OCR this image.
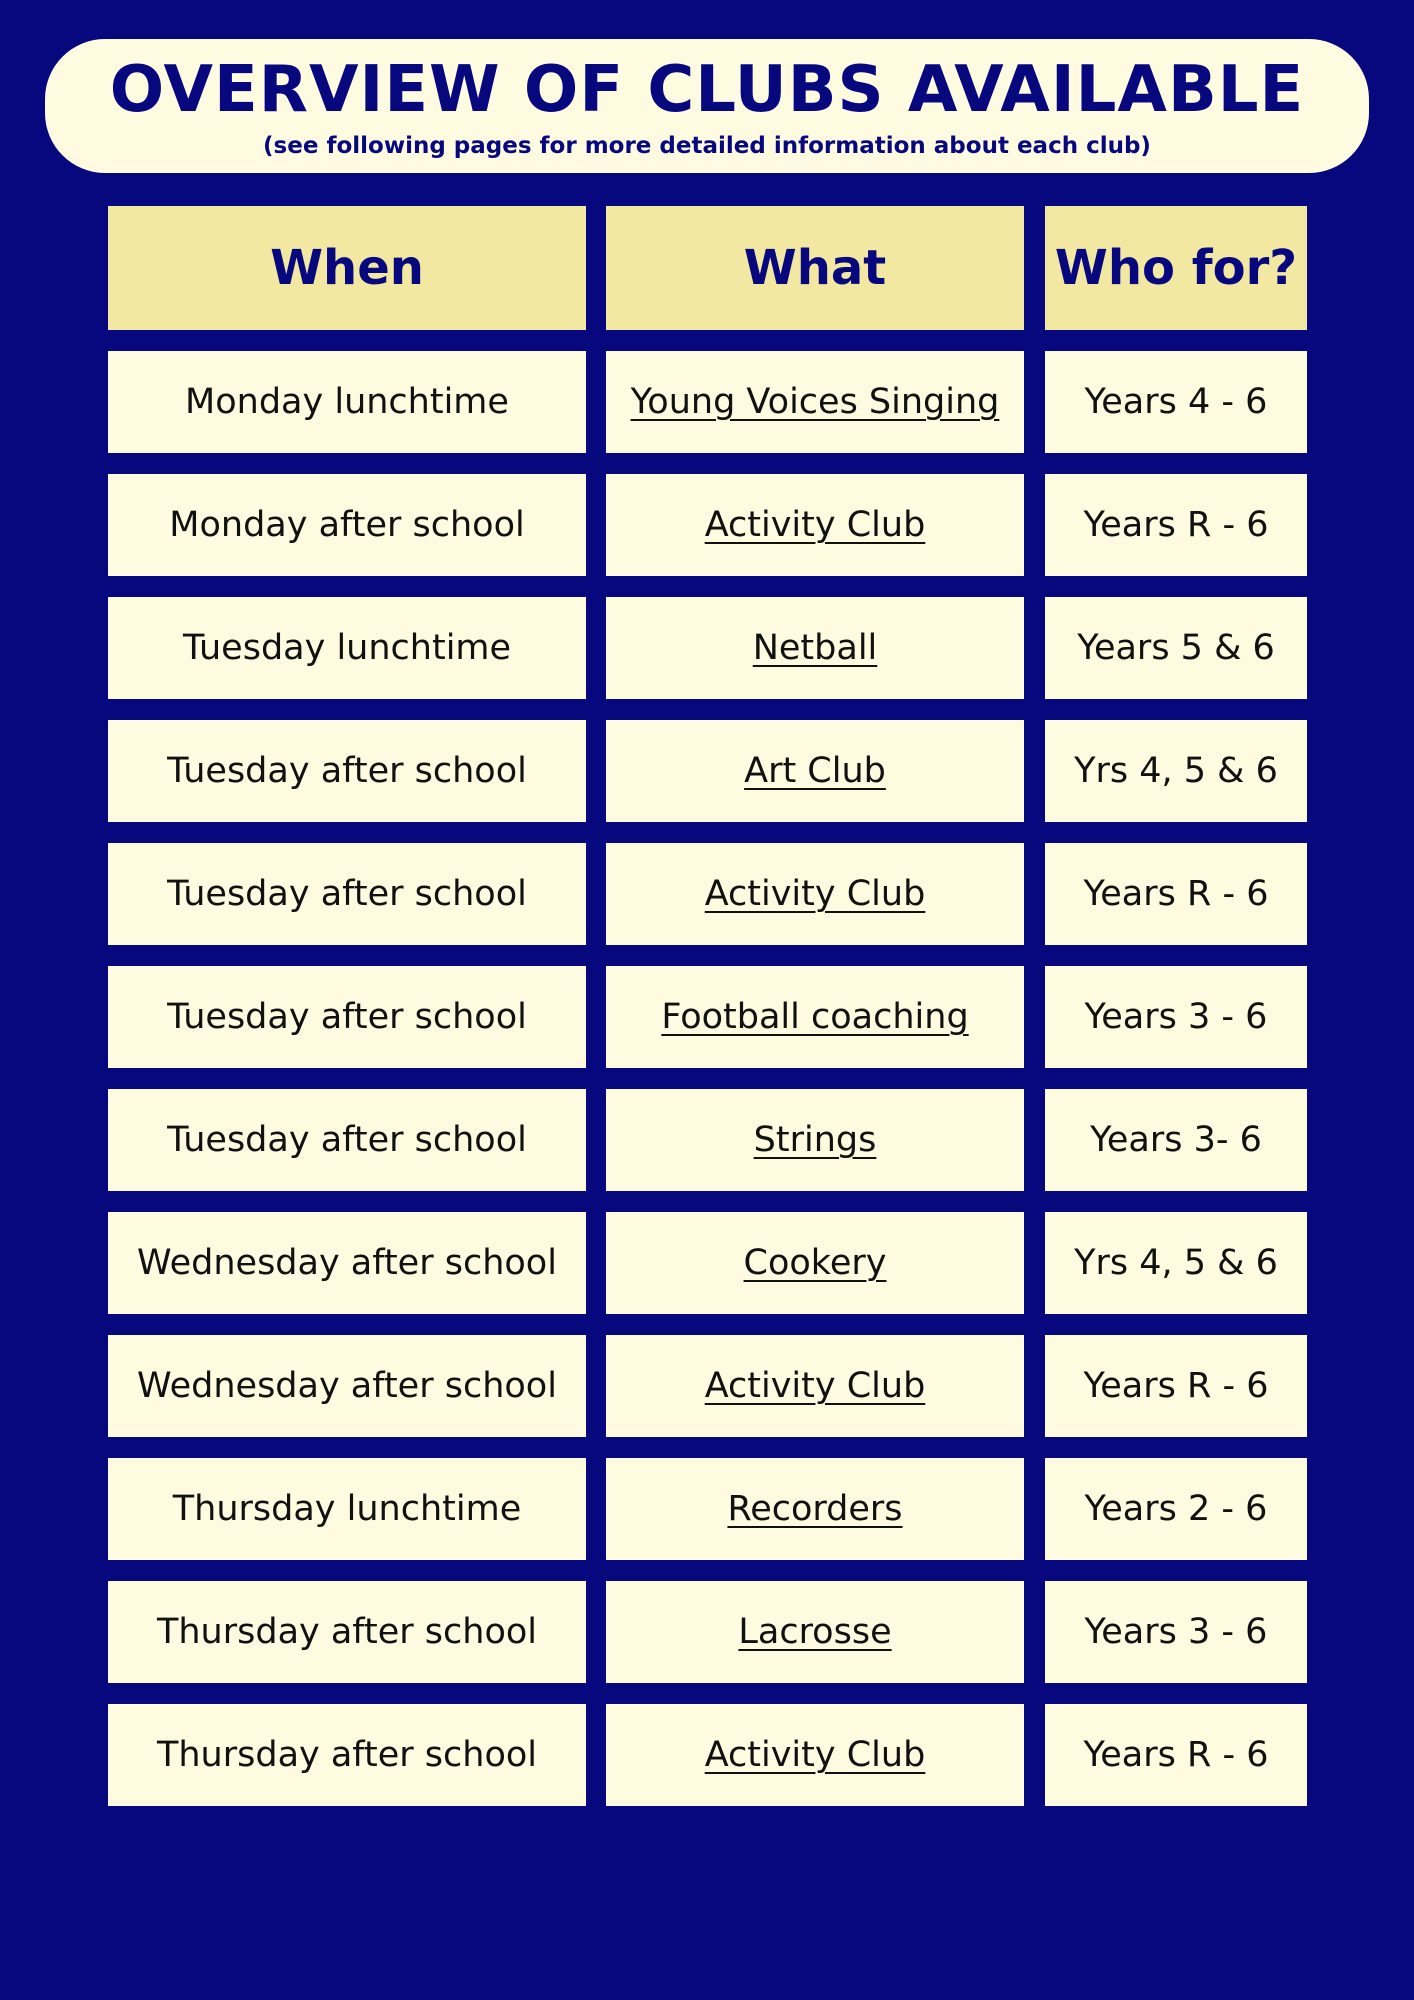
OVERVIEW OF CLUBS AVAILABLE
(see following pages for more detailed information about each club)
When	What	Who for?
Monday lunchtime	Young Voices Singing	Years 4 - 6
Monday after school	Activity Club	Years R - 6
Tuesday lunchtime	Netball	Years 5 & 6
Tuesday after school	Art Club	Yrs 4, 5 & 6
Tuesday after school	Activity Club	Years R - 6
Tuesday after school	Football coaching	Years 3 - 6
Tuesday after school	Strings	Years 3- 6
Wednesday after school	Cookery	Yrs 4, 5 & 6
Wednesday after school	Activity Club	Years R - 6
Thursday lunchtime	Recorders	Years 2 - 6
Thursday after school	Lacrosse	Years 3 - 6
Thursday after school	Activity Club	Years R - 6
